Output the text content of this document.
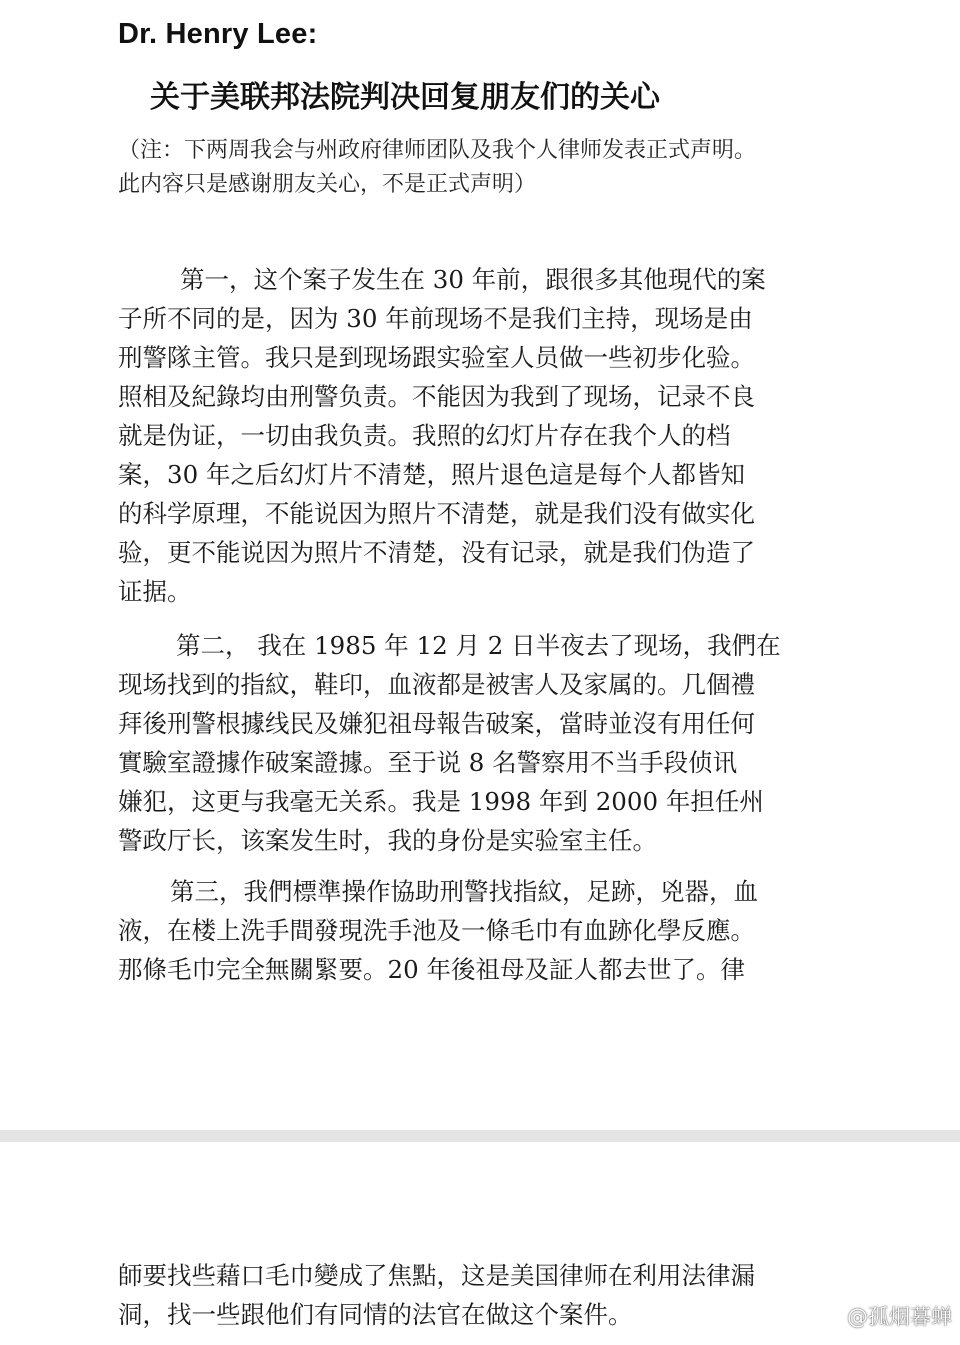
Dr. Henry Lee:
关于美联邦法院判决回复朋友们的关心
（注：下两周我会与州政府律师团队及我个人律师发表正式声明。
此内容只是感谢朋友关心，不是正式声明）
第一，这个案子发生在 30 年前，跟很多其他現代的案
子所不同的是，因为 30 年前现场不是我们主持，现场是由
刑警隊主管。我只是到现场跟实验室人员做一些初步化验。
照相及紀錄均由刑警负责。不能因为我到了现场，记录不良
就是伪证，一切由我负责。我照的幻灯片存在我个人的档
案，30 年之后幻灯片不清楚，照片退色這是每个人都皆知
的科学原理，不能说因为照片不清楚，就是我们没有做实化
验，更不能说因为照片不清楚，没有记录，就是我们伪造了
证据。
第二， 我在 1985 年 12 月 2 日半夜去了现场，我們在
现场找到的指紋，鞋印，血液都是被害人及家属的。几個禮
拜後刑警根據线民及嫌犯祖母報告破案，當時並沒有用任何
實驗室證據作破案證據。至于说 8 名警察用不当手段侦讯
嫌犯，这更与我毫无关系。我是 1998 年到 2000 年担任州
警政厅长，该案发生时，我的身份是实验室主任。
第三，我們標準操作協助刑警找指紋，足跡，兇器，血
液，在楼上洗手間發現洗手池及一條毛巾有血跡化學反應。
那條毛巾完全無關緊要。20 年後祖母及証人都去世了。律
師要找些藉口毛巾變成了焦點，这是美国律师在利用法律漏
洞，找一些跟他们有同情的法官在做这个案件。	@孤烟暮蝉
